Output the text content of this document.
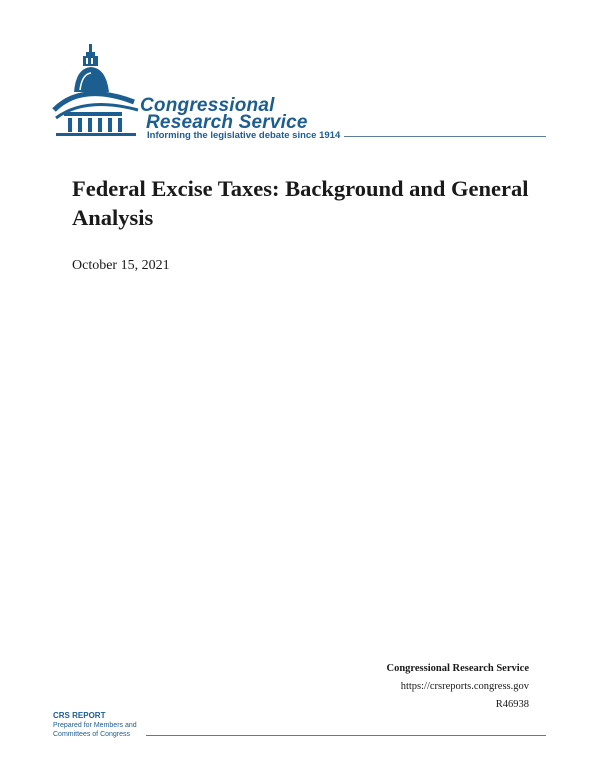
Congressional
Research Service
Informing the legislative debate since 1914
Federal Excise Taxes: Background and General Analysis
October 15, 2021
Congressional Research Service
https://crsreports.congress.gov
R46938
CRS REPORT
Prepared for Members and
Committees of Congress
